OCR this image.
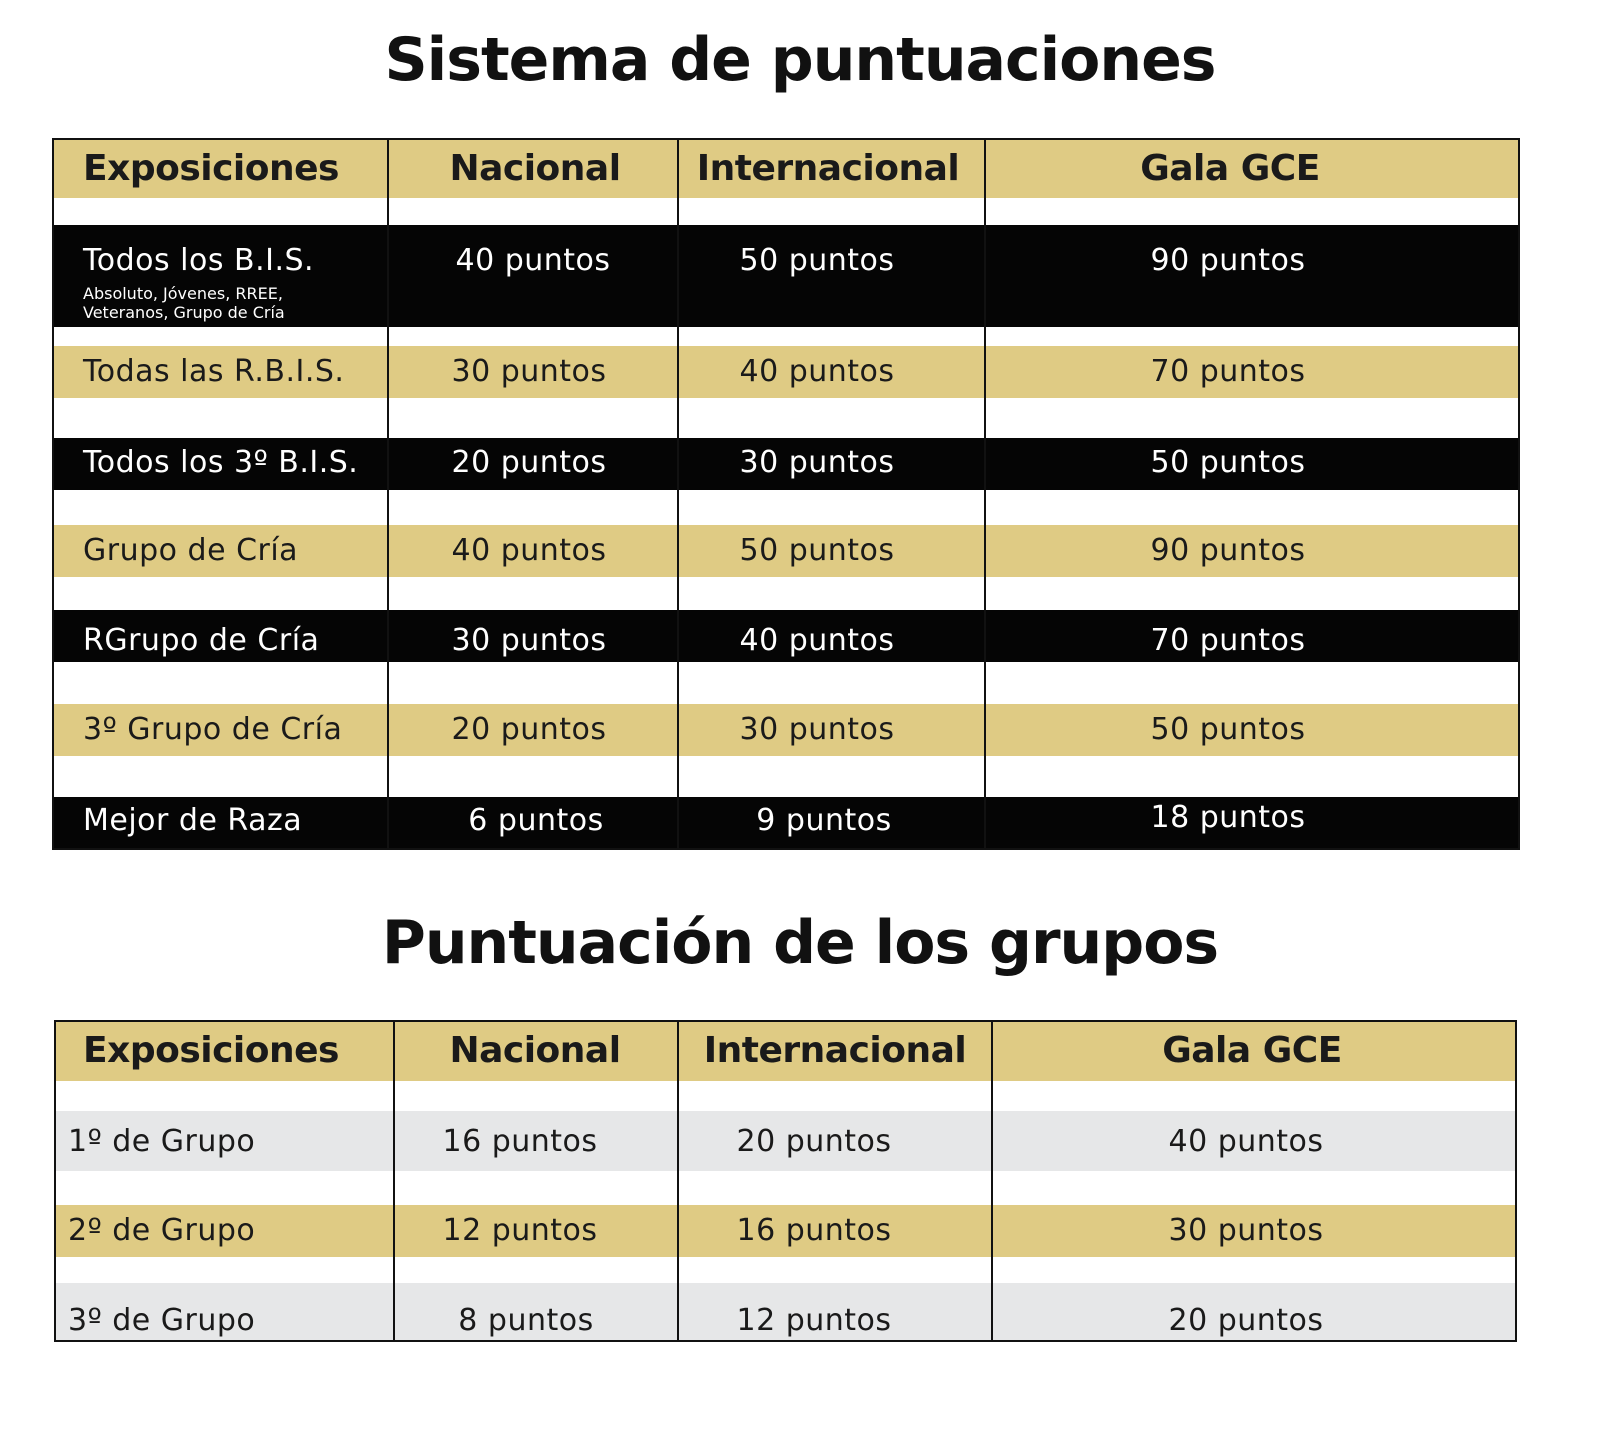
Sistema de puntuaciones
Exposiciones	Nacional Internacional	Gala GCE
Todos los B.I.S.
Absoluto, Jóvenes, RREE,
Veteranos, Grupo de Cría
40 puntos	50 puntos	90 puntos
Todas las R.B.I.S.	30 puntos	40 puntos	70 puntos
Todos los 3º B.I.S.	20 puntos	30 puntos	50 puntos
Grupo de Cría	40 puntos	50 puntos	90 puntos
RGrupo de Cría	30 puntos	40 puntos	70 puntos
3º Grupo de Cría	20 puntos	30 puntos	50 puntos
Mejor de Raza	6 puntos	9 puntos	18 puntos
Puntuación de los grupos
Exposiciones	Nacional Internacional	Gala GCE
1º de Grupo	16 puntos	20 puntos	40 puntos
2º de Grupo	12 puntos	16 puntos	30 puntos
3º de Grupo	8 puntos	12 puntos	20 puntos
